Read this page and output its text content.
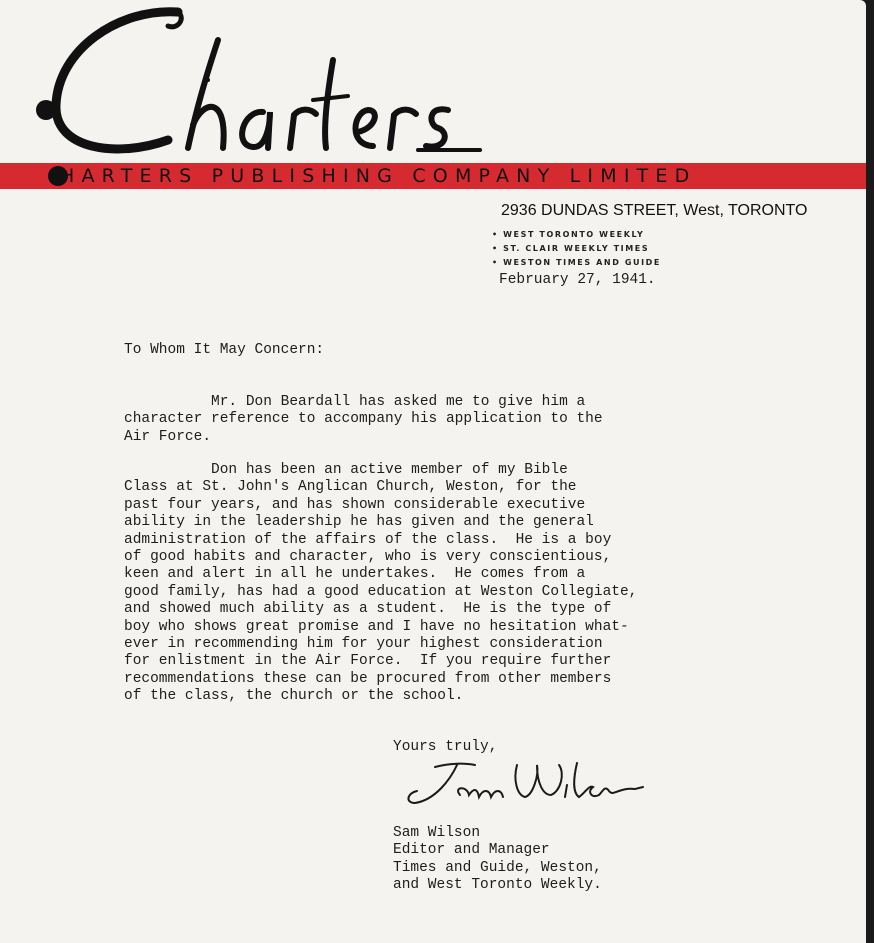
HARTERS PUBLISHING COMPANY LIMITED
2936 DUNDAS STREET, West, TORONTO
• WEST TORONTO WEEKLY
• ST. CLAIR WEEKLY TIMES
• WESTON TIMES AND GUIDE
February 27, 1941.
To Whom It May Concern:
Mr. Don Beardall has asked me to give him a
character reference to accompany his application to the
Air Force.
Don has been an active member of my Bible
Class at St. John's Anglican Church, Weston, for the
past four years, and has shown considerable executive
ability in the leadership he has given and the general
administration of the affairs of the class.  He is a boy
of good habits and character, who is very conscientious,
keen and alert in all he undertakes.  He comes from a
good family, has had a good education at Weston Collegiate,
and showed much ability as a student.  He is the type of
boy who shows great promise and I have no hesitation what-
ever in recommending him for your highest consideration
for enlistment in the Air Force.  If you require further
recommendations these can be procured from other members
of the class, the church or the school.
Yours truly,
Sam Wilson
Editor and Manager
Times and Guide, Weston,
and West Toronto Weekly.
